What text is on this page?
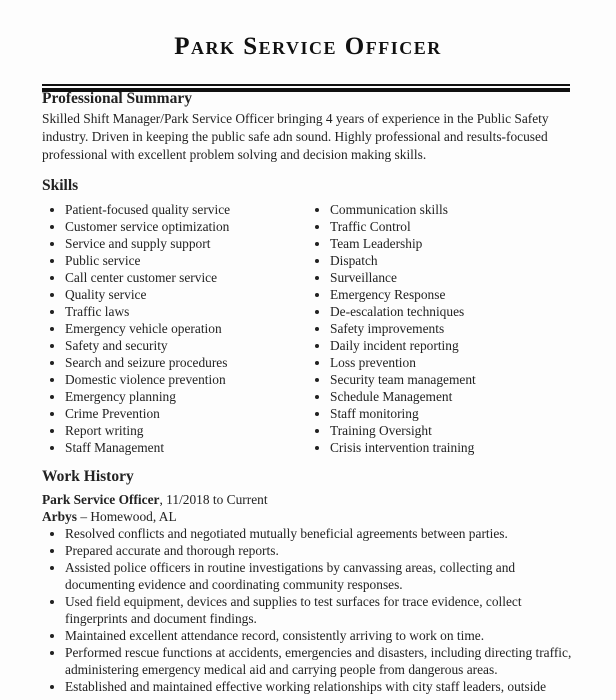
Park Service Officer
Professional Summary
Skilled Shift Manager/Park Service Officer bringing 4 years of experience in the Public Safety industry. Driven in keeping the public safe adn sound. Highly professional and results-focused professional with excellent problem solving and decision making skills.
Skills
Patient-focused quality service
Customer service optimization
Service and supply support
Public service
Call center customer service
Quality service
Traffic laws
Emergency vehicle operation
Safety and security
Search and seizure procedures
Domestic violence prevention
Emergency planning
Crime Prevention
Report writing
Staff Management
Communication skills
Traffic Control
Team Leadership
Dispatch
Surveillance
Emergency Response
De-escalation techniques
Safety improvements
Daily incident reporting
Loss prevention
Security team management
Schedule Management
Staff monitoring
Training Oversight
Crisis intervention training
Work History
Park Service Officer, 11/2018 to Current
Arbys – Homewood, AL
Resolved conflicts and negotiated mutually beneficial agreements between parties.
Prepared accurate and thorough reports.
Assisted police officers in routine investigations by canvassing areas, collecting and documenting evidence and coordinating community responses.
Used field equipment, devices and supplies to test surfaces for trace evidence, collect fingerprints and document findings.
Maintained excellent attendance record, consistently arriving to work on time.
Performed rescue functions at accidents, emergencies and disasters, including directing traffic, administering emergency medical aid and carrying people from dangerous areas.
Established and maintained effective working relationships with city staff leaders, outside
